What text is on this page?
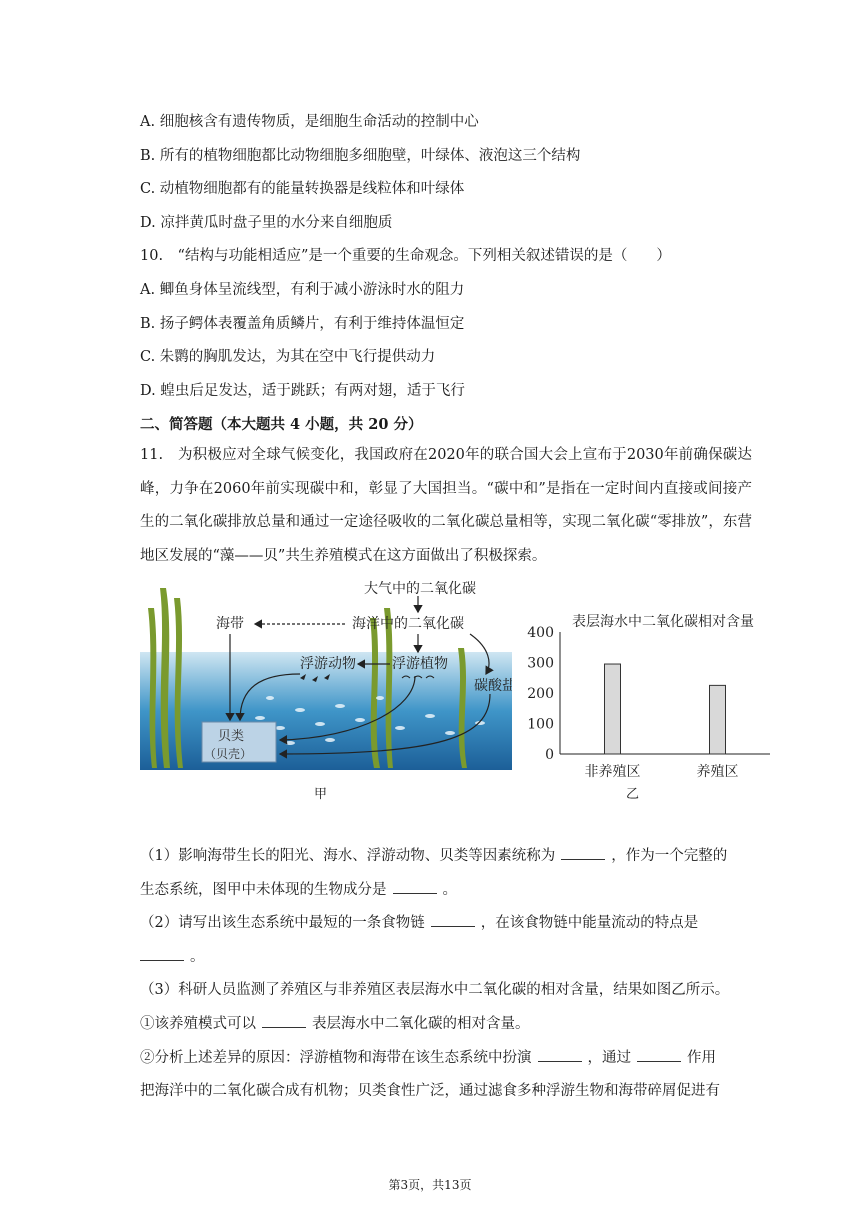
A. 细胞核含有遗传物质，是细胞生命活动的控制中心
B. 所有的植物细胞都比动物细胞多细胞壁，叶绿体、液泡这三个结构
C. 动植物细胞都有的能量转换器是线粒体和叶绿体
D. 凉拌黄瓜时盘子里的水分来自细胞质
10.　“结构与功能相适应”是一个重要的生命观念。下列相关叙述错误的是（　　）
A. 鲫鱼身体呈流线型，有利于减小游泳时水的阻力
B. 扬子鳄体表覆盖角质鳞片，有利于维持体温恒定
C. 朱鹮的胸肌发达，为其在空中飞行提供动力
D. 蝗虫后足发达，适于跳跃；有两对翅，适于飞行
二、简答题（本大题共 4 小题，共 20 分）
11.　为积极应对全球气候变化，我国政府在2020年的联合国大会上宣布于2030年前确保碳达峰，力争在2060年前实现碳中和，彰显了大国担当。“碳中和”是指在一定时间内直接或间接产生的二氧化碳排放总量和通过一定途径吸收的二氧化碳总量相等，实现二氧化碳“零排放”，东营地区发展的“藻——贝”共生养殖模式在这方面做出了积极探索。
大气中的二氧化碳
海洋中的二氧化碳
海带
浮游动物	浮游植物
碳酸盐
贝类
（贝壳）
甲
表层海水中二氧化碳相对含量
0
100
200
300
400
非养殖区	养殖区
乙
（1）影响海带生长的阳光、海水、浮游动物、贝类等因素统称为	，作为一个完整的
生态系统，图甲中未体现的生物成分是	。
（2）请写出该生态系统中最短的一条食物链	，在该食物链中能量流动的特点是
。
（3）科研人员监测了养殖区与非养殖区表层海水中二氧化碳的相对含量，结果如图乙所示。
①该养殖模式可以	表层海水中二氧化碳的相对含量。
②分析上述差异的原因：浮游植物和海带在该生态系统中扮演	，通过	作用
把海洋中的二氧化碳合成有机物；贝类食性广泛，通过滤食多种浮游生物和海带碎屑促进有
第3页，共13页
